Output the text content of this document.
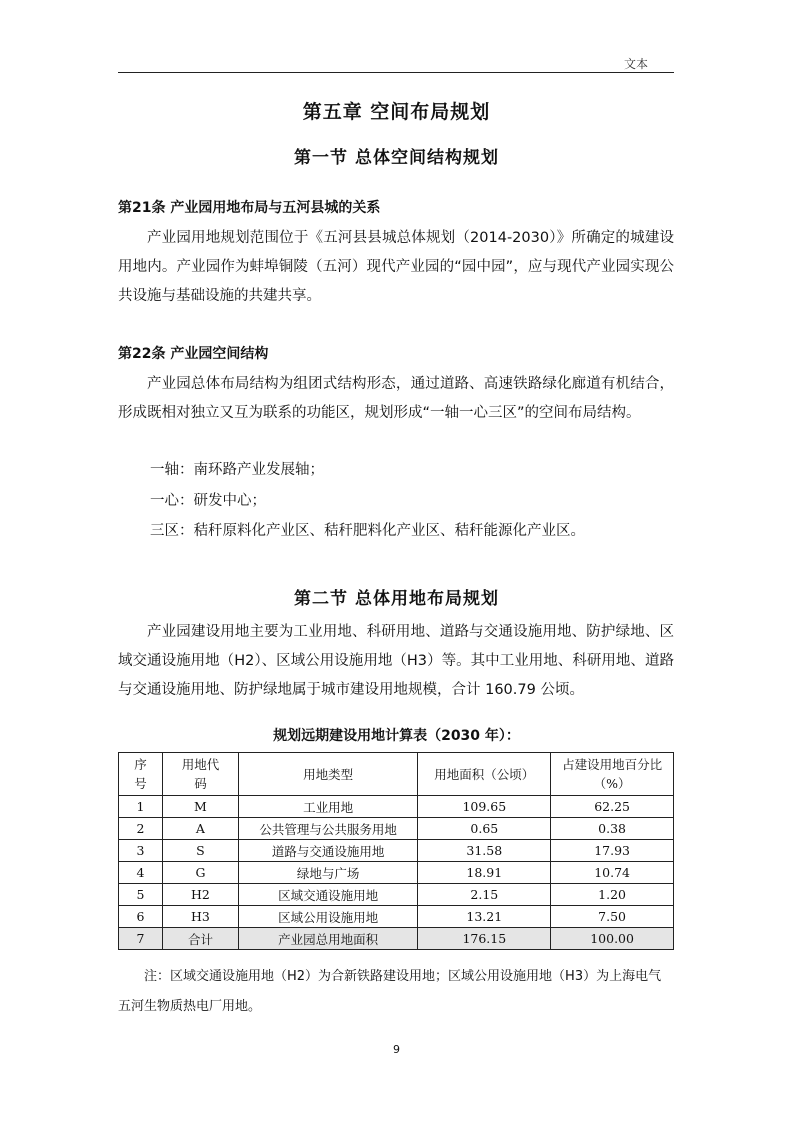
文本
第五章 空间布局规划
第一节 总体空间结构规划
第21条 产业园用地布局与五河县城的关系
产业园用地规划范围位于《五河县县城总体规划（2014-2030）》所确定的城建设用地内。产业园作为蚌埠铜陵（五河）现代产业园的“园中园”，应与现代产业园实现公共设施与基础设施的共建共享。
第22条 产业园空间结构
产业园总体布局结构为组团式结构形态，通过道路、高速铁路绿化廊道有机结合，形成既相对独立又互为联系的功能区，规划形成“一轴一心三区”的空间布局结构。
一轴：南环路产业发展轴；
一心：研发中心；
三区：秸秆原料化产业区、秸秆肥料化产业区、秸秆能源化产业区。
第二节 总体用地布局规划
产业园建设用地主要为工业用地、科研用地、道路与交通设施用地、防护绿地、区域交通设施用地（H2）、区域公用设施用地（H3）等。其中工业用地、科研用地、道路与交通设施用地、防护绿地属于城市建设用地规模，合计 160.79 公顷。
规划远期建设用地计算表（2030 年）：
序号	用地代码	用地类型	用地面积（公顷）	占建设用地百分比（%）
1	M	工业用地	109.65	62.25
2	A	公共管理与公共服务用地	0.65	0.38
3	S	道路与交通设施用地	31.58	17.93
4	G	绿地与广场	18.91	10.74
5	H2	区域交通设施用地	2.15	1.20
6	H3	区域公用设施用地	13.21	7.50
7	合计	产业园总用地面积	176.15	100.00
注：区域交通设施用地（H2）为合新铁路建设用地；区域公用设施用地（H3）为上海电气五河生物质热电厂用地。
9
